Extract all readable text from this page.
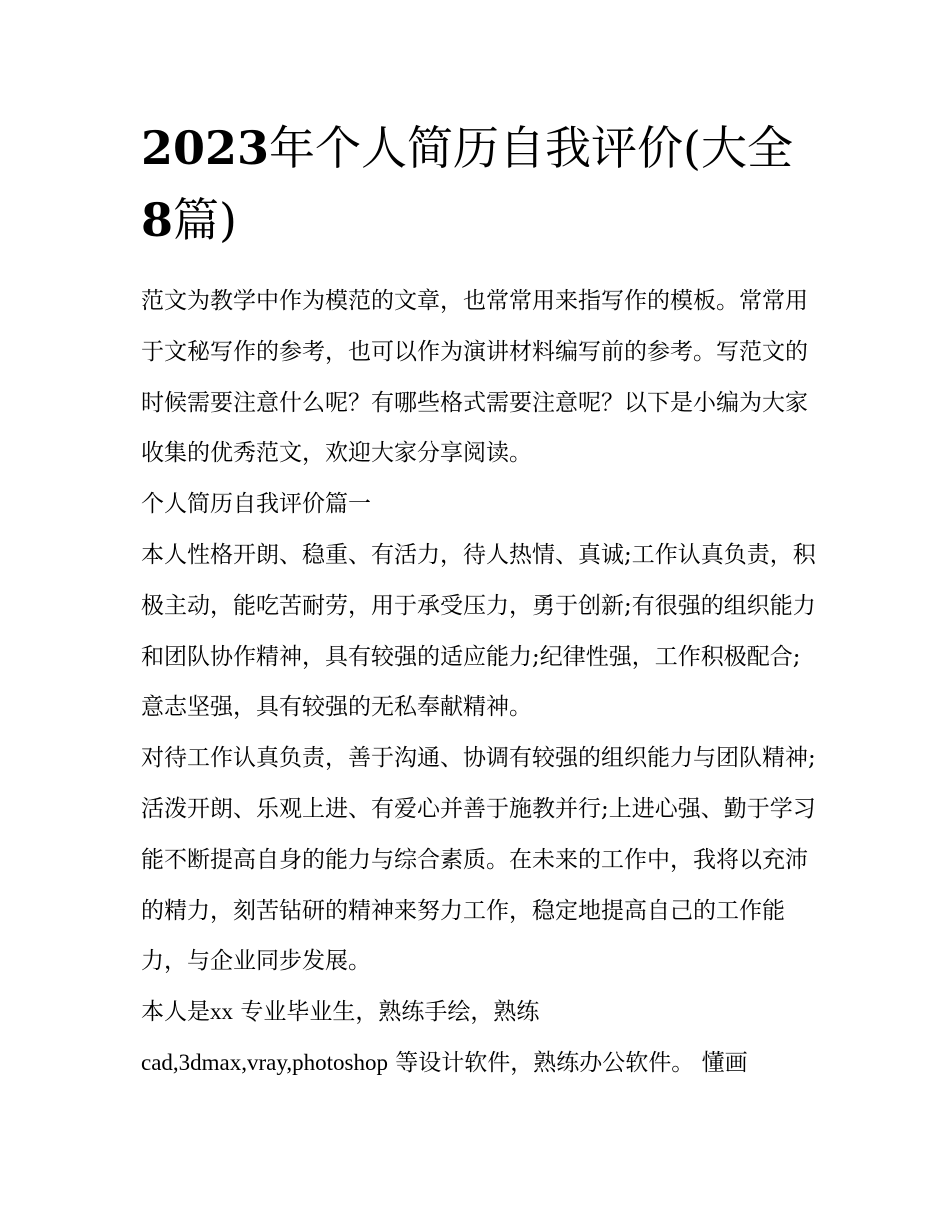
2023年个人简历自我评价(大全8篇)

范文为教学中作为模范的文章，也常常用来指写作的模板。常常用于文秘写作的参考，也可以作为演讲材料编写前的参考。写范文的时候需要注意什么呢？有哪些格式需要注意呢？以下是小编为大家收集的优秀范文，欢迎大家分享阅读。

个人简历自我评价篇一

本人性格开朗、稳重、有活力，待人热情、真诚;工作认真负责，积极主动，能吃苦耐劳，用于承受压力，勇于创新;有很强的组织能力和团队协作精神，具有较强的适应能力;纪律性强，工作积极配合;意志坚强，具有较强的无私奉献精神。

对待工作认真负责，善于沟通、协调有较强的组织能力与团队精神;活泼开朗、乐观上进、有爱心并善于施教并行;上进心强、勤于学习能不断提高自身的能力与综合素质。在未来的工作中，我将以充沛的精力，刻苦钻研的精神来努力工作，稳定地提高自己的工作能力，与企业同步发展。

本人是xx 专业毕业生，熟练手绘，熟练
cad,3dmax,vray,photoshop 等设计软件，熟练办公软件。 懂画
